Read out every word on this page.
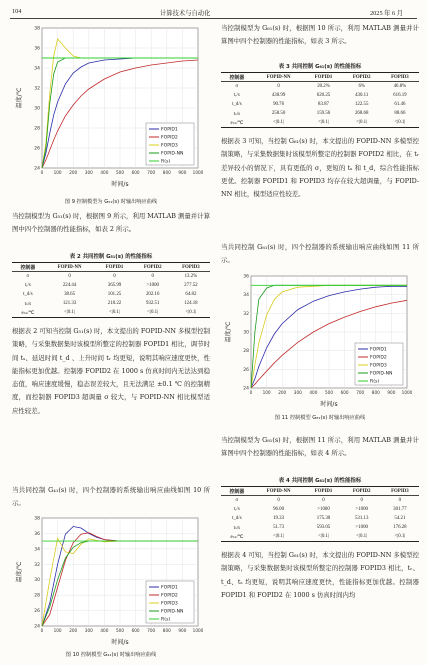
104	计算技术与自动化	2025 年 6 月
0 100 200 300 400 500 600 700 800 900 1000
24
26
28
30
32
34
36
38
温度/℃
时间/s
FOPID1
FOPID2
FOPID3
FOPID-NN
R(s)
图 9 控制模型为 G₅₁(s) 时输出响应曲线
当控制模型为 G₅₁(s) 时，根据图 9 所示，利用 MATLAB 测量并计算图中四个控制器的性能指标，如表 2 所示。
表 2 共同控制 G₅₁(s) 的性能指标
控制器	FOPID-NN	FOPID1	FOPID2	FOPID3
σ	0	0	0	13.2%
tᵣ/s	224.44	365.99	>1000	277.52
t_d/s	38.65	101.25	202.16	64.82
tₛ/s	121.33	218.22	932.51	124.18
eₛₛ/℃	<|0.1|	<|0.1|	<|0.1|	<|0.1|
根据表 2 可知当控制 G₅₁(s) 时，本文提出的 FOPID-NN 多模型控制策略，与采集数据集时该模型所整定的控制器 FOPID1 相比，调节时间 tₛ、延迟时间 t_d 、上升时间 tᵣ 均更短，说明其响应速度更快，性能指标更加优越。控制器 FOPID2 在 1000 s 仿真时间内无法达到稳态值，响应速度缓慢，稳态误差较大，且无法满足 ±0.1 ℃ 的控制精度，而控制器 FOPID3 超调量 σ 较大，与 FOPID-NN 相比模型适应性较差。
当共同控制 G₄₁(s) 时，四个控制器的系统输出响应曲线如图 10 所示。
0 100 200 300 400 500 600 700 800 900 1000
24
26
28
30
32
34
36
38
温度/℃
时间/s
FOPID1
FOPID2
FOPID3
FOPID-NN
R(s)
图 10 控制模型 G₄₁(s) 时输出响应曲线
当控制模型为 G₆₁(s) 时，根据图 10 所示，利用 MATLAB 测量并计算图中四个控制器的性能指标，如表 3 所示。
表 3 共同控制 G₆₁(s) 的性能指标
控制器	FOPID-NN	FOPID1	FOPID2	FOPID3
σ	0	20.2%	6%	46.8%
tᵣ/s	430.99	620.25	430.11	616.19
t_d/s	90.76	83.87	122.55	61.46
tₛ/s	258.50	159.56	268.68	88.66
eₛₛ/℃	<|0.1|	<|0.1|	<|0.1|	<|0.1|
根据表 3 可知，当控制 G₆₁(s) 时，本文提出的 FOPID-NN 多模型控制策略，与采集数据集时该模型所整定的控制器 FOPID2 相比，在 tᵣ 差异较小的情况下，具有更低的 σ，更短的 tₛ 和 t_d，综合性能指标更优。控制器 FOPID1 和 FOPID3 均存在较大超调量，与 FOPID-NN 相比，模型适应性较差。
当共同控制 G₈₁(s) 时，四个控制器的系统输出响应曲线如图 11 所示。
0 100 200 300 400 500 600 700 800 900 1000
24
26
28
30
32
34
36
温度/℃
时间/s
FOPID1
FOPID2
FOPID3
FOPID-NN
R(s)
图 11 控制模型 G₈₁(s) 时输出响应曲线
当控制模型为 G₈₁(s) 时，根据图 11 所示，利用 MATLAB 测量并计算图中四个控制器的性能指标，如表 4 所示。
表 4 共同控制 G₈₁(s) 的性能指标
控制器	FOPID-NN	FOPID1	FOPID2	FOPID3
σ	0	0	0	0
tᵣ/s	96.00	>1000	>1000	301.77
t_d/s	19.33	175.30	531.13	54.21
tₛ/s	51.73	593.05	>1000	176.28
eₛₛ/℃	<|0.1|	<|0.1|	<|0.1|	<|0.1|
根据表 4 可知，当控制 G₈₁(s) 时，本文提出的 FOPID-NN 多模型控制策略，与采集数据集时该模型所整定的控制器 FOPID3 相比，tᵣ、t_d、tₛ 均更短，说明其响应速度更快，性能指标更加优越。控制器 FOPID1 和 FOPID2 在 1000 s 仿真时间内均
